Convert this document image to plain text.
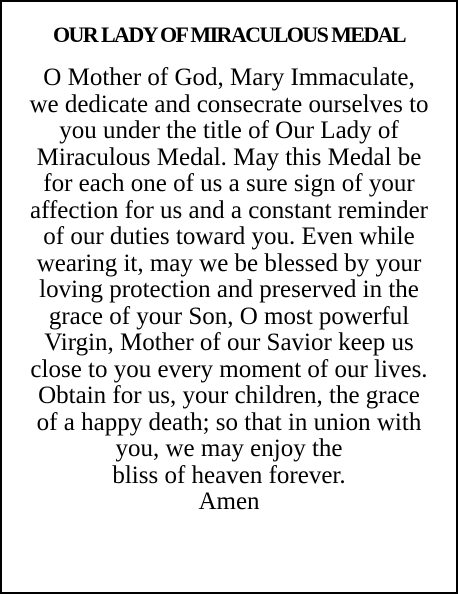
OUR LADY OF MIRACULOUS MEDAL
O Mother of God, Mary Immaculate,
we dedicate and consecrate ourselves to
you under the title of Our Lady of
Miraculous Medal. May this Medal be
for each one of us a sure sign of your
affection for us and a constant reminder
of our duties toward you. Even while
wearing it, may we be blessed by your
loving protection and preserved in the
grace of your Son, O most powerful
Virgin, Mother of our Savior keep us
close to you every moment of our lives.
Obtain for us, your children, the grace
of a happy death; so that in union with
you, we may enjoy the
bliss of heaven forever.
Amen
